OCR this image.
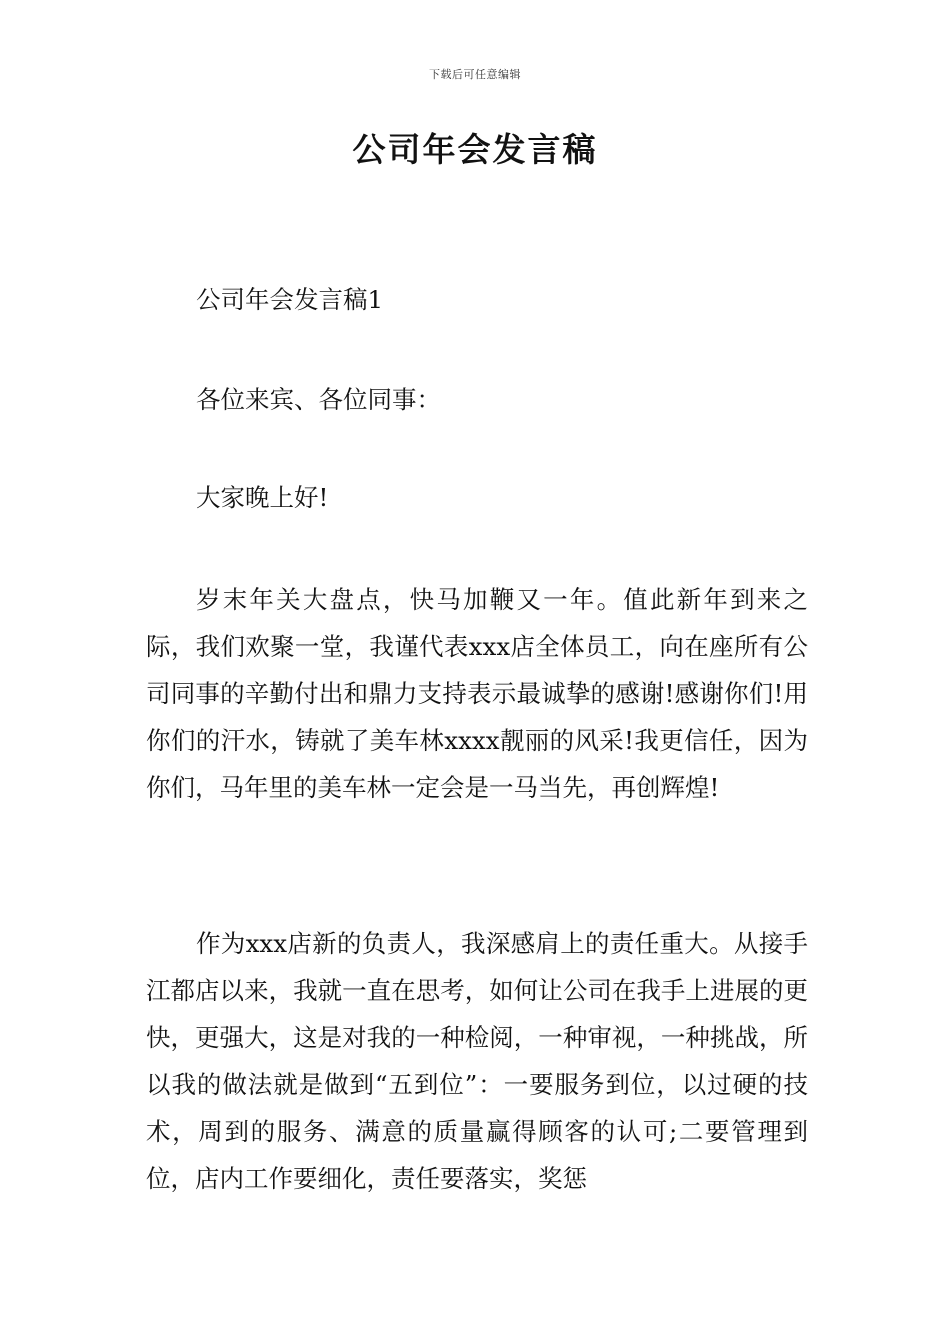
下载后可任意编辑
公司年会发言稿

公司年会发言稿1

各位来宾、各位同事：

大家晚上好!

岁末年关大盘点，快马加鞭又一年。值此新年到来之际，我们欢聚一堂，我谨代表xxx店全体员工，向在座所有公司同事的辛勤付出和鼎力支持表示最诚挚的感谢!感谢你们!用你们的汗水，铸就了美车林xxxx靓丽的风采!我更信任，因为你们，马年里的美车林一定会是一马当先，再创辉煌!

作为xxx店新的负责人，我深感肩上的责任重大。从接手江都店以来，我就一直在思考，如何让公司在我手上进展的更快，更强大，这是对我的一种检阅，一种审视，一种挑战，所以我的做法就是做到“五到位”：一要服务到位，以过硬的技术，周到的服务、满意的质量赢得顾客的认可;二要管理到位，店内工作要细化，责任要落实，奖惩
